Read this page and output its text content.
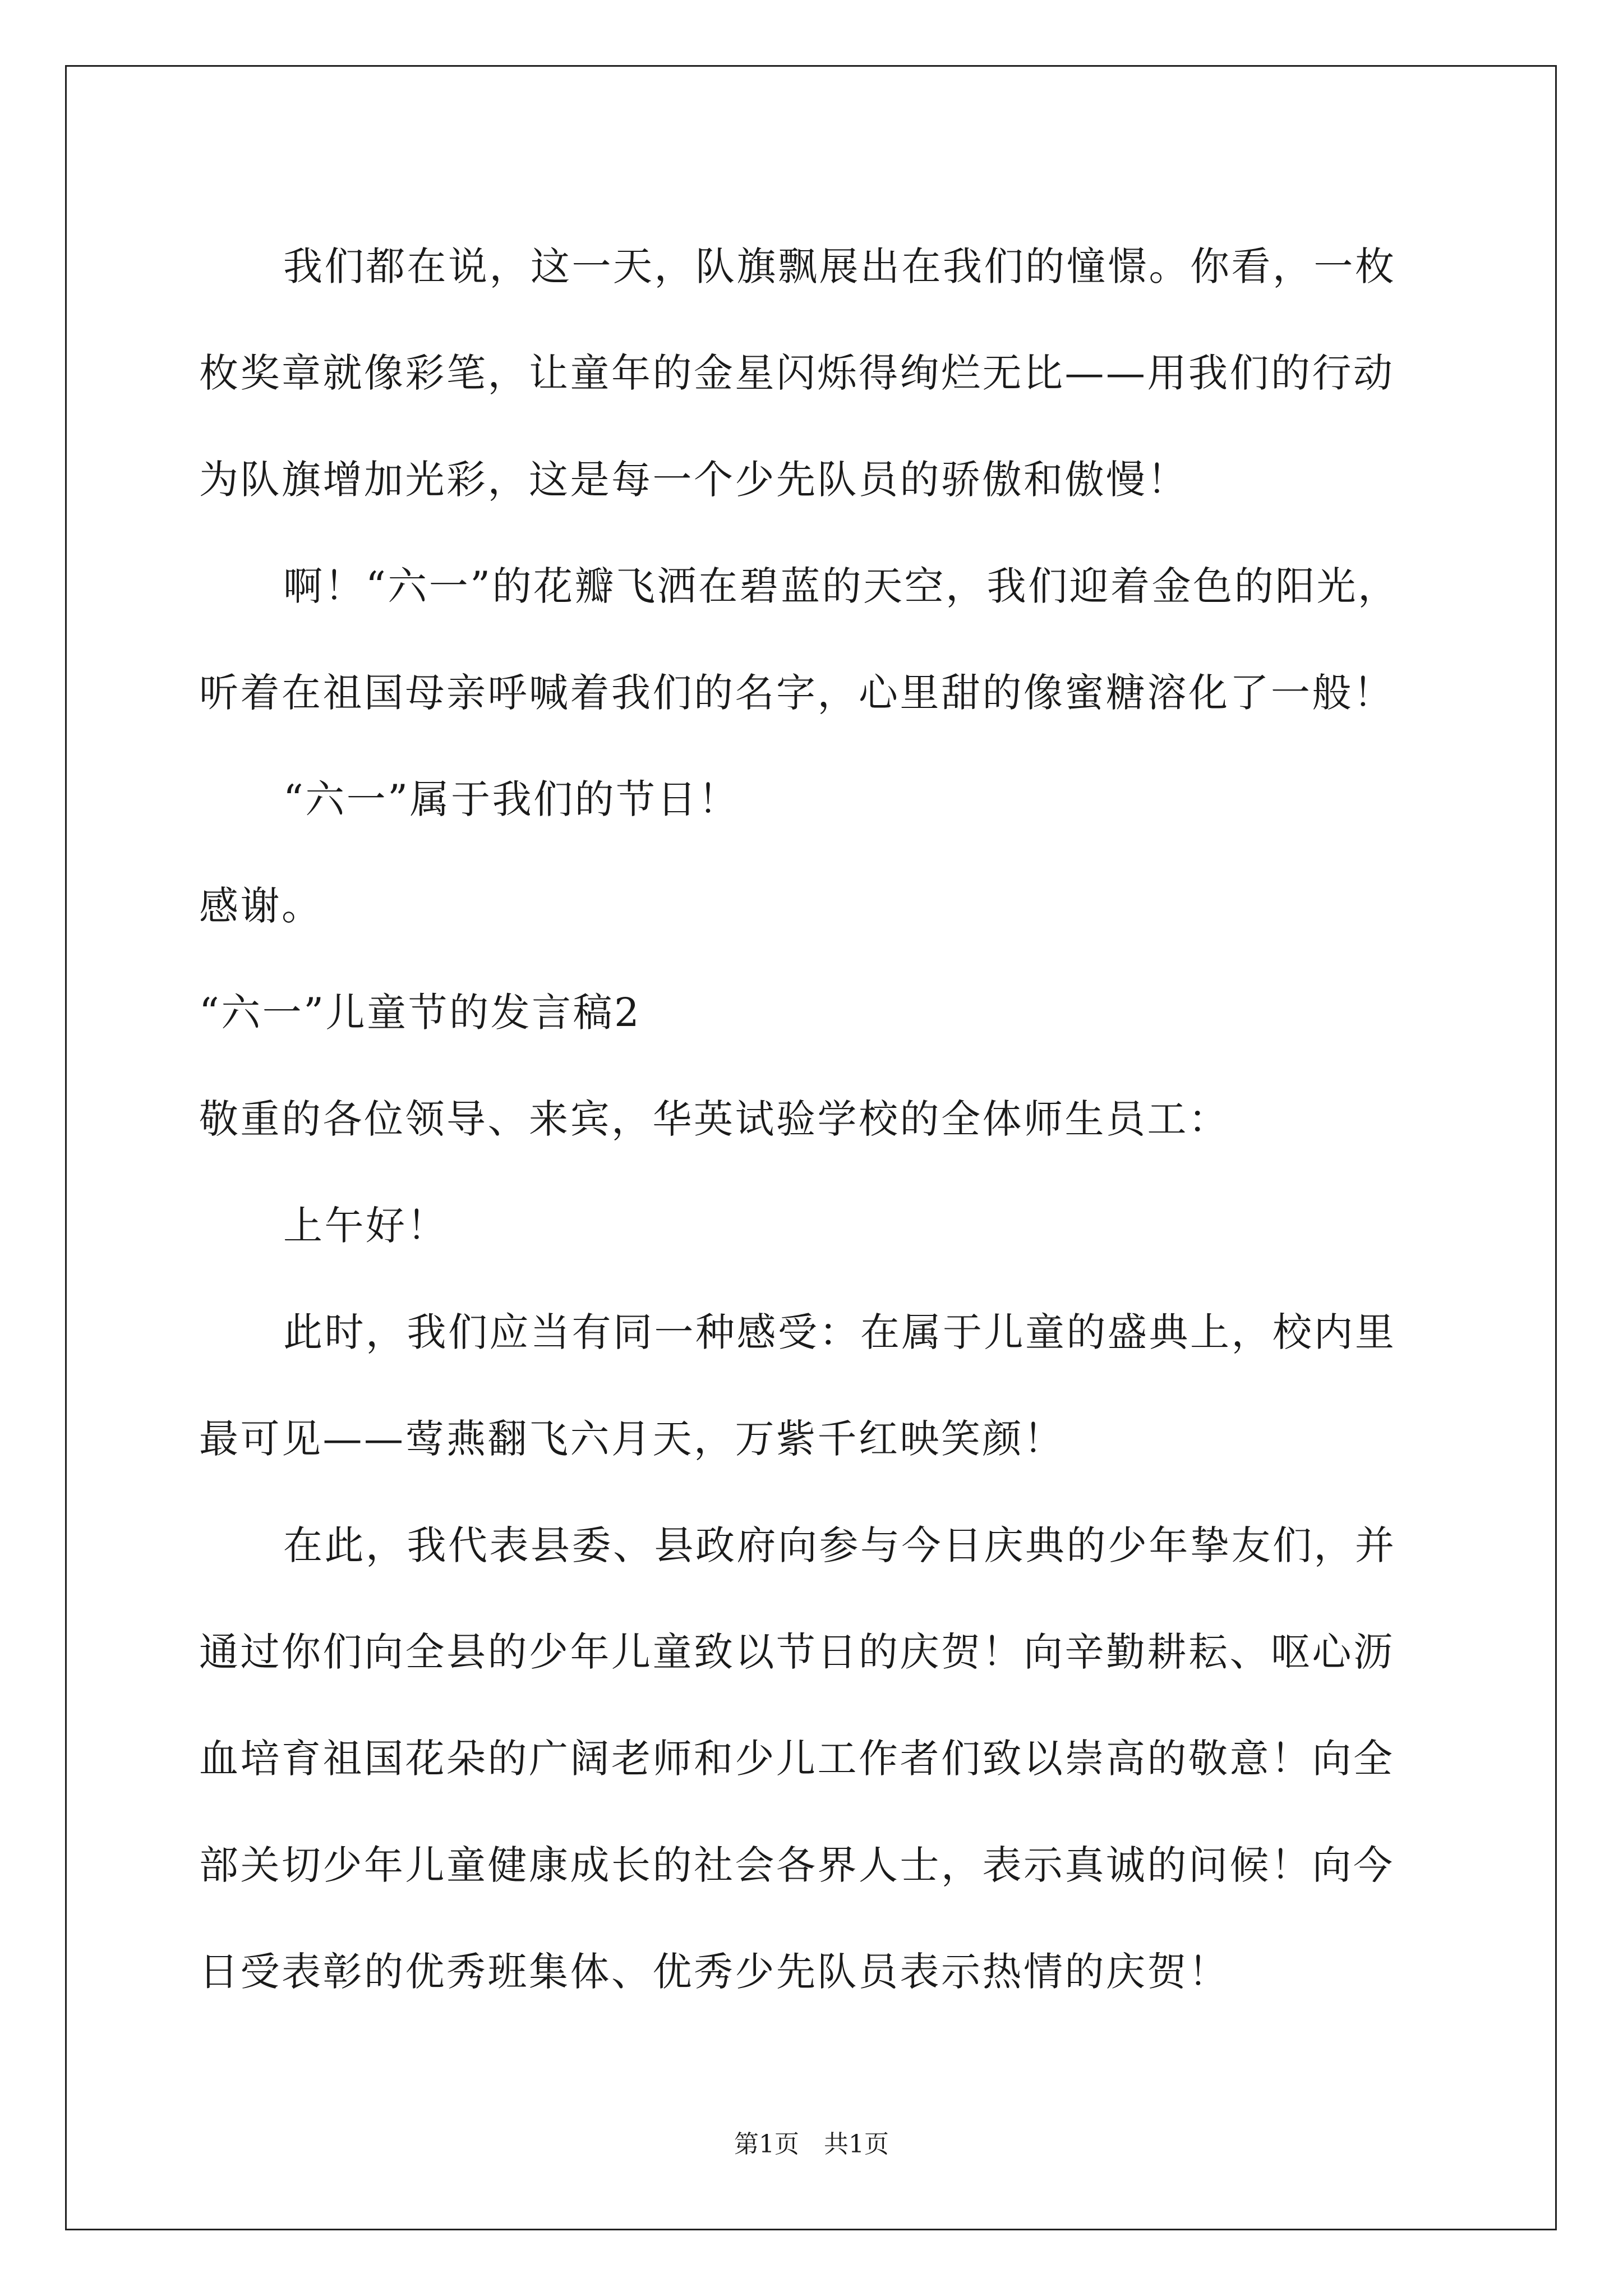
我们都在说，这一天，队旗飘展出在我们的憧憬。你看，一枚枚奖章就像彩笔，让童年的金星闪烁得绚烂无比——用我们的行动为队旗增加光彩，这是每一个少先队员的骄傲和傲慢！

啊！“六一”的花瓣飞洒在碧蓝的天空，我们迎着金色的阳光，听着在祖国母亲呼喊着我们的名字，心里甜的像蜜糖溶化了一般！

“六一”属于我们的节日！

感谢。

“六一”儿童节的发言稿2

敬重的各位领导、来宾，华英试验学校的全体师生员工：

上午好！

此时，我们应当有同一种感受：在属于儿童的盛典上，校内里最可见——莺燕翻飞六月天，万紫千红映笑颜！

在此，我代表县委、县政府向参与今日庆典的少年挚友们，并通过你们向全县的少年儿童致以节日的庆贺！向辛勤耕耘、呕心沥血培育祖国花朵的广阔老师和少儿工作者们致以崇高的敬意！向全部关切少年儿童健康成长的社会各界人士，表示真诚的问候！向今日受表彰的优秀班集体、优秀少先队员表示热情的庆贺！

第1页　共1页
